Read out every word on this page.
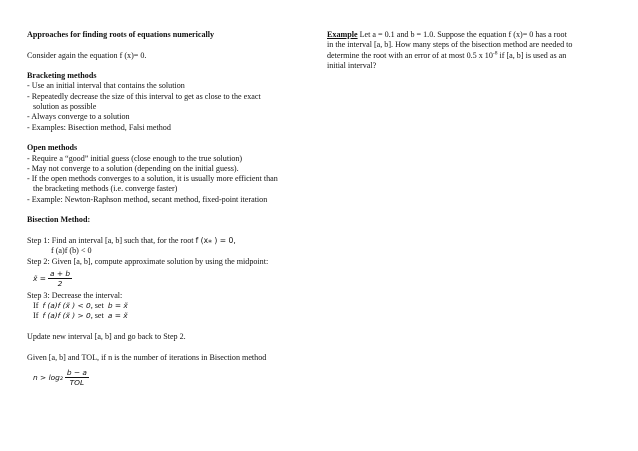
Approaches for finding roots of equations numerically
Consider again the equation f (x)= 0.
Bracketing methods
- Use an initial interval that contains the solution
- Repeatedly decrease the size of this interval to get as close to the exact
solution as possible
- Always converge to a solution
- Examples: Bisection method, Falsi method
Open methods
- Require a “good” initial guess (close enough to the true solution)
- May not converge to a solution (depending on the initial guess).
- If the open methods converges to a solution, it is usually more efficient than
the bracketing methods (i.e. converge faster)
- Example: Newton-Raphson method, secant method, fixed-point iteration
Bisection Method:
Step 1: Find an interval [a, b] such that, for the root f (x⁎ ) = 0,
f (a)f (b) < 0
Step 2: Given [a, b], compute approximate solution by using the midpoint:
x̃ =
$\frac{a + b}{2}$
Step 3: Decrease the interval:
If f (a)f (x̃ ) < 0, set b = x̃
If f (a)f (x̃ ) > 0, set a = x̃
Update new interval [a, b] and go back to Step 2.
Given [a, b] and TOL, if n is the number of iterations in Bisection method
n > log₂
$\frac{b - a}{\text{TOL}}$
Example Let a = 0.1 and b = 1.0. Suppose the equation f (x)= 0 has a root
in the interval [a, b]. How many steps of the bisection method are needed to
determine the root with an error of at most 0.5 x $10^{-8}$ if [a, b] is used as an
initial interval?
